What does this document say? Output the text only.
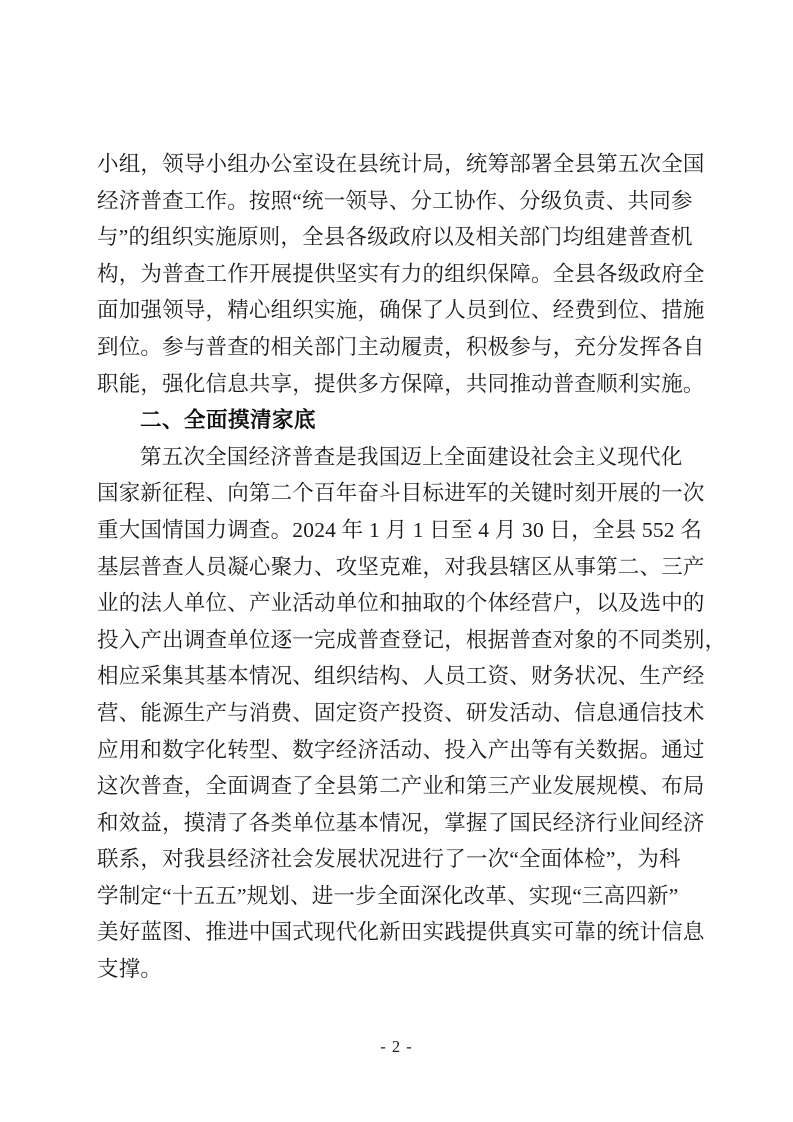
小组，领导小组办公室设在县统计局，统筹部署全县第五次全国
经济普查工作。按照“统一领导、分工协作、分级负责、共同参
与”的组织实施原则，全县各级政府以及相关部门均组建普查机
构，为普查工作开展提供坚实有力的组织保障。全县各级政府全
面加强领导，精心组织实施，确保了人员到位、经费到位、措施
到位。参与普查的相关部门主动履责，积极参与，充分发挥各自
职能，强化信息共享，提供多方保障，共同推动普查顺利实施。
二、全面摸清家底
第五次全国经济普查是我国迈上全面建设社会主义现代化
国家新征程、向第二个百年奋斗目标进军的关键时刻开展的一次
重大国情国力调查。2024 年 1 月 1 日至 4 月 30 日，全县 552 名
基层普查人员凝心聚力、攻坚克难，对我县辖区从事第二、三产
业的法人单位、产业活动单位和抽取的个体经营户，以及选中的
投入产出调查单位逐一完成普查登记，根据普查对象的不同类别，
相应采集其基本情况、组织结构、人员工资、财务状况、生产经
营、能源生产与消费、固定资产投资、研发活动、信息通信技术
应用和数字化转型、数字经济活动、投入产出等有关数据。通过
这次普查，全面调查了全县第二产业和第三产业发展规模、布局
和效益，摸清了各类单位基本情况，掌握了国民经济行业间经济
联系，对我县经济社会发展状况进行了一次“全面体检”，为科
学制定“十五五”规划、进一步全面深化改革、实现“三高四新”
美好蓝图、推进中国式现代化新田实践提供真实可靠的统计信息
支撑。
- 2 -
